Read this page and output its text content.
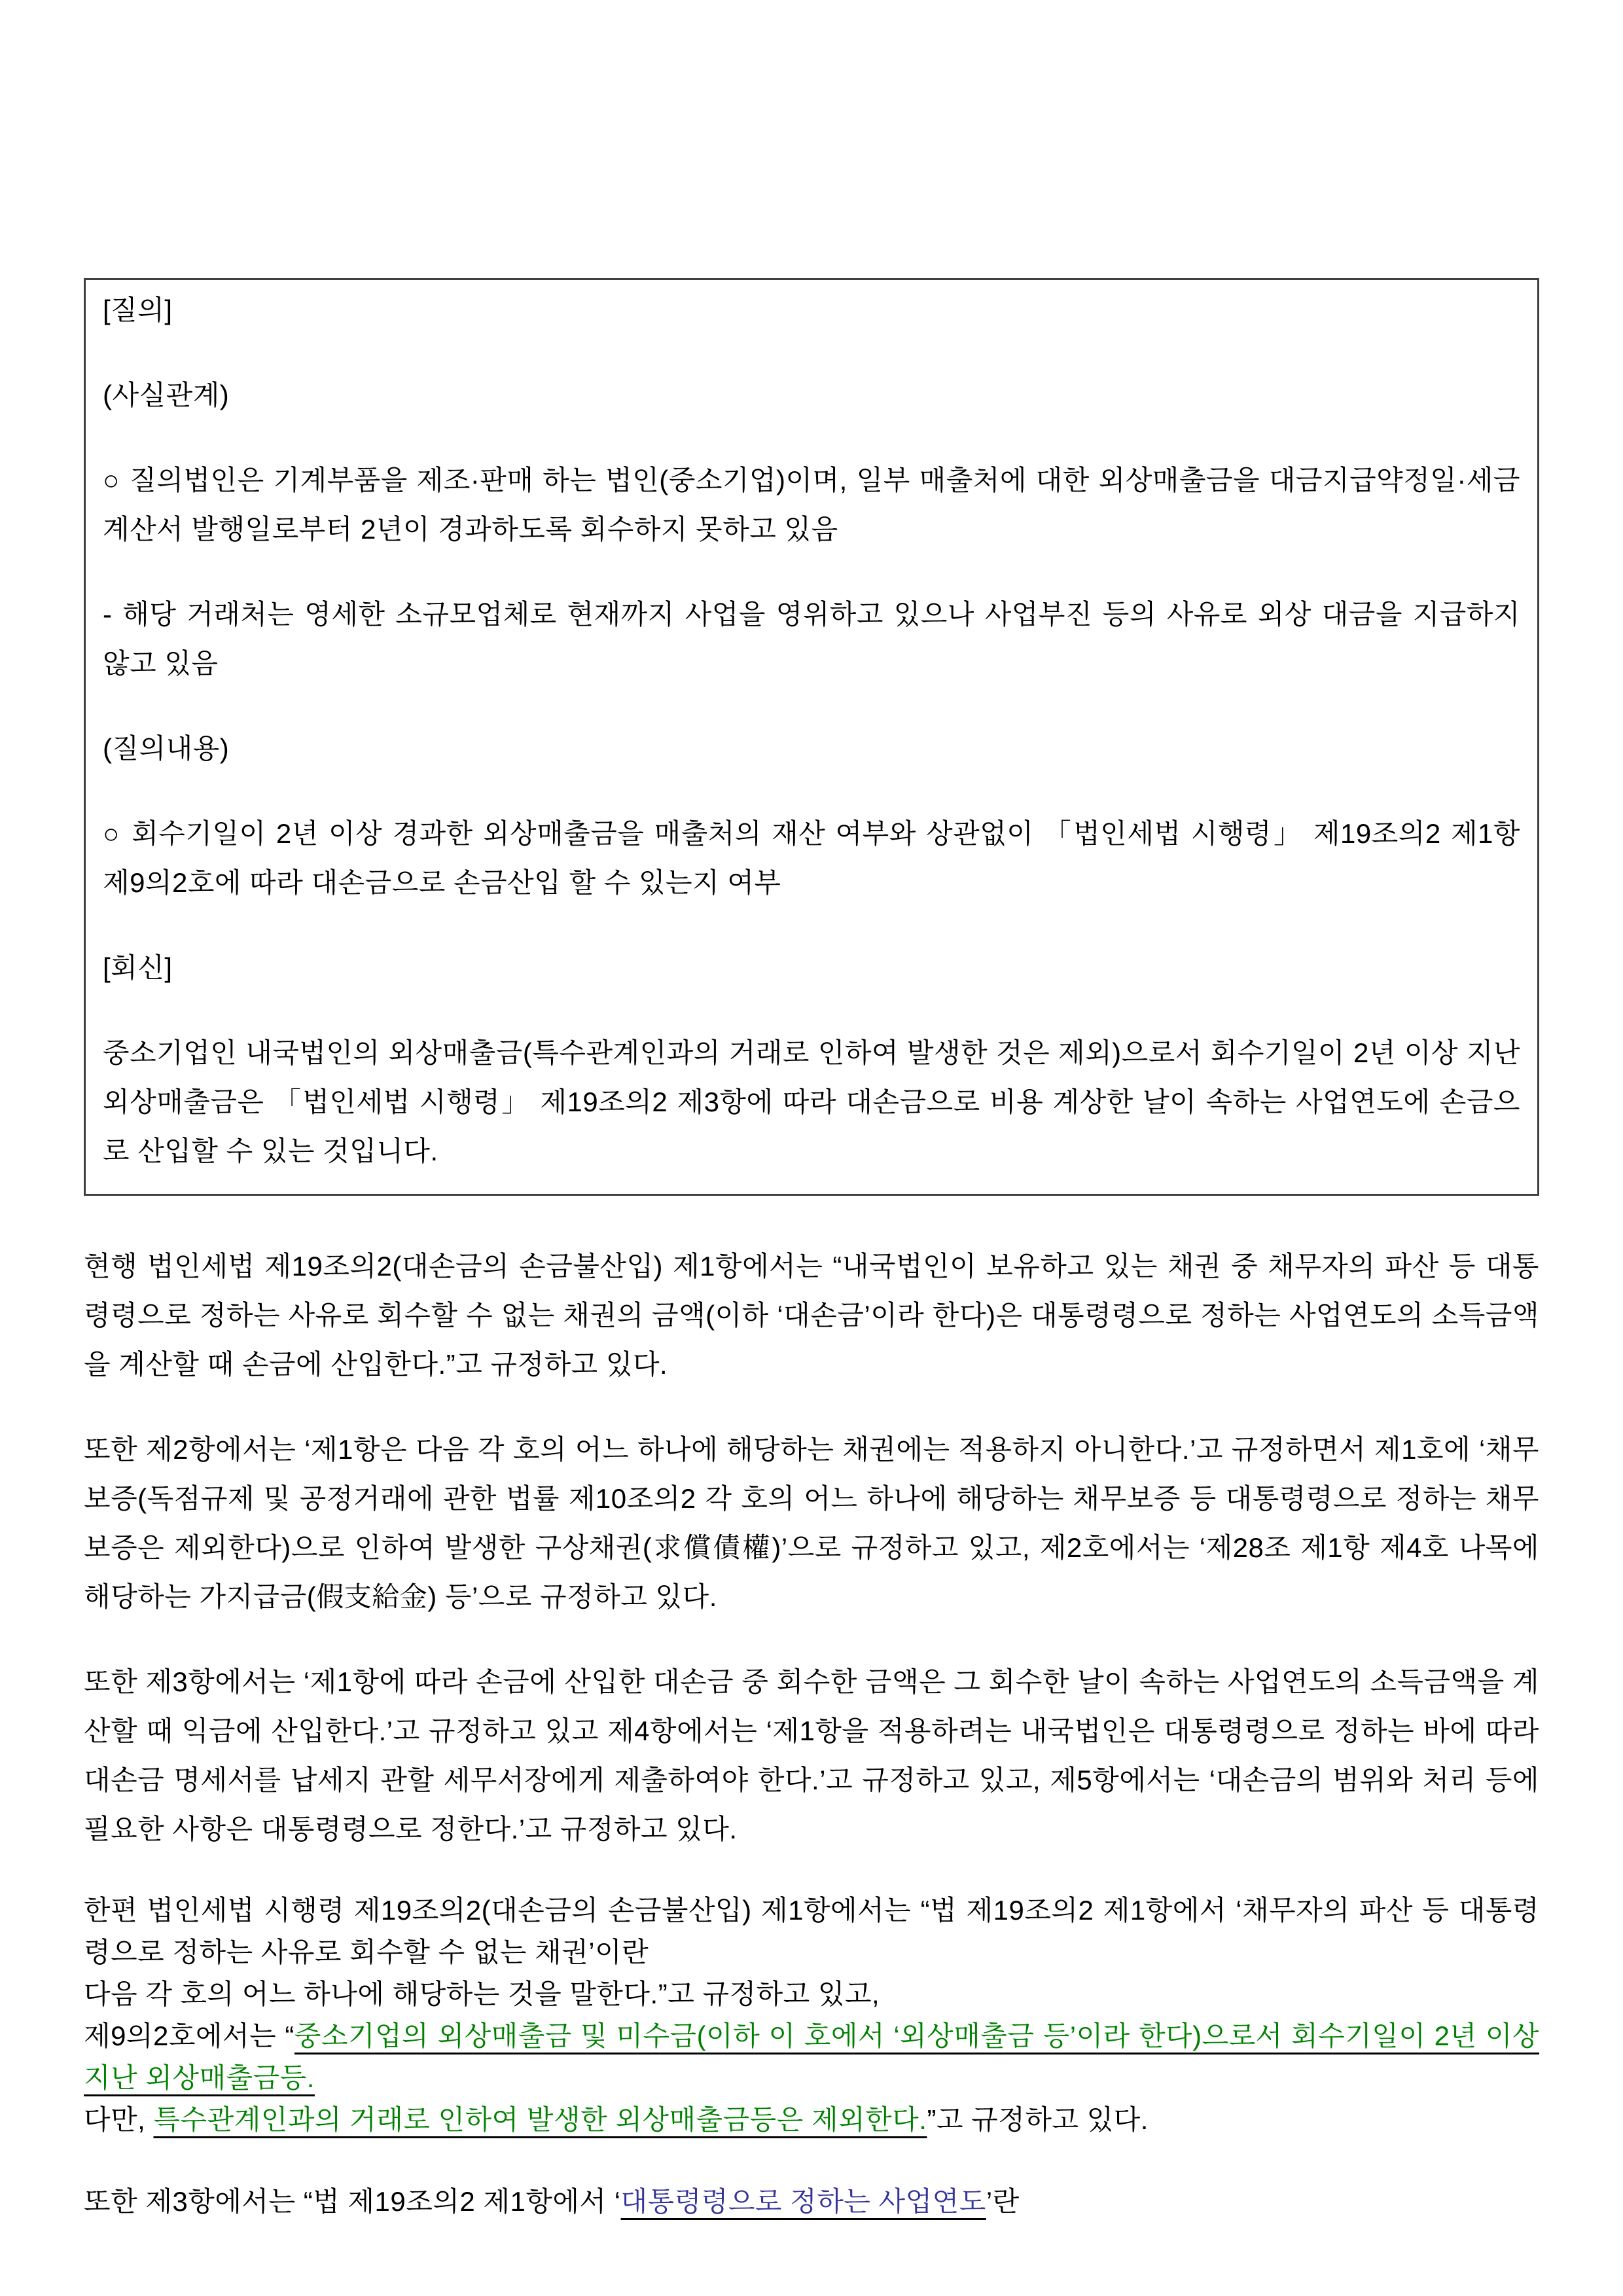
[질의]

(사실관계)

○ 질의법인은 기계부품을 제조·판매 하는 법인(중소기업)이며, 일부 매출처에 대한 외상매출금을 대금지급약정일·세금계산서 발행일로부터 2년이 경과하도록 회수하지 못하고 있음

- 해당 거래처는 영세한 소규모업체로 현재까지 사업을 영위하고 있으나 사업부진 등의 사유로 외상 대금을 지급하지 않고 있음

(질의내용)

○ 회수기일이 2년 이상 경과한 외상매출금을 매출처의 재산 여부와 상관없이 「법인세법 시행령」 제19조의2 제1항 제9의2호에 따라 대손금으로 손금산입 할 수 있는지 여부

[회신]

중소기업인 내국법인의 외상매출금(특수관계인과의 거래로 인하여 발생한 것은 제외)으로서 회수기일이 2년 이상 지난 외상매출금은 「법인세법 시행령」 제19조의2 제3항에 따라 대손금으로 비용 계상한 날이 속하는 사업연도에 손금으로 산입할 수 있는 것입니다.

현행 법인세법 제19조의2(대손금의 손금불산입) 제1항에서는 “내국법인이 보유하고 있는 채권 중 채무자의 파산 등 대통령령으로 정하는 사유로 회수할 수 없는 채권의 금액(이하 ‘대손금’이라 한다)은 대통령령으로 정하는 사업연도의 소득금액을 계산할 때 손금에 산입한다.”고 규정하고 있다.

또한 제2항에서는 ‘제1항은 다음 각 호의 어느 하나에 해당하는 채권에는 적용하지 아니한다.’고 규정하면서 제1호에 ‘채무보증(독점규제 및 공정거래에 관한 법률 제10조의2 각 호의 어느 하나에 해당하는 채무보증 등 대통령령으로 정하는 채무보증은 제외한다)으로 인하여 발생한 구상채권(求償債權)’으로 규정하고 있고, 제2호에서는 ‘제28조 제1항 제4호 나목에 해당하는 가지급금(假支給金) 등’으로 규정하고 있다.

또한 제3항에서는 ‘제1항에 따라 손금에 산입한 대손금 중 회수한 금액은 그 회수한 날이 속하는 사업연도의 소득금액을 계산할 때 익금에 산입한다.’고 규정하고 있고 제4항에서는 ‘제1항을 적용하려는 내국법인은 대통령령으로 정하는 바에 따라 대손금 명세서를 납세지 관할 세무서장에게 제출하여야 한다.’고 규정하고 있고, 제5항에서는 ‘대손금의 범위와 처리 등에 필요한 사항은 대통령령으로 정한다.’고 규정하고 있다.

한편 법인세법 시행령 제19조의2(대손금의 손금불산입) 제1항에서는 “법 제19조의2 제1항에서 ‘채무자의 파산 등 대통령령으로 정하는 사유로 회수할 수 없는 채권’이란
다음 각 호의 어느 하나에 해당하는 것을 말한다.”고 규정하고 있고,
제9의2호에서는 “중소기업의 외상매출금 및 미수금(이하 이 호에서 ‘외상매출금 등’이라 한다)으로서 회수기일이 2년 이상 지난 외상매출금등.
다만, 특수관계인과의 거래로 인하여 발생한 외상매출금등은 제외한다.”고 규정하고 있다.

또한 제3항에서는 “법 제19조의2 제1항에서 ‘대통령령으로 정하는 사업연도’란
